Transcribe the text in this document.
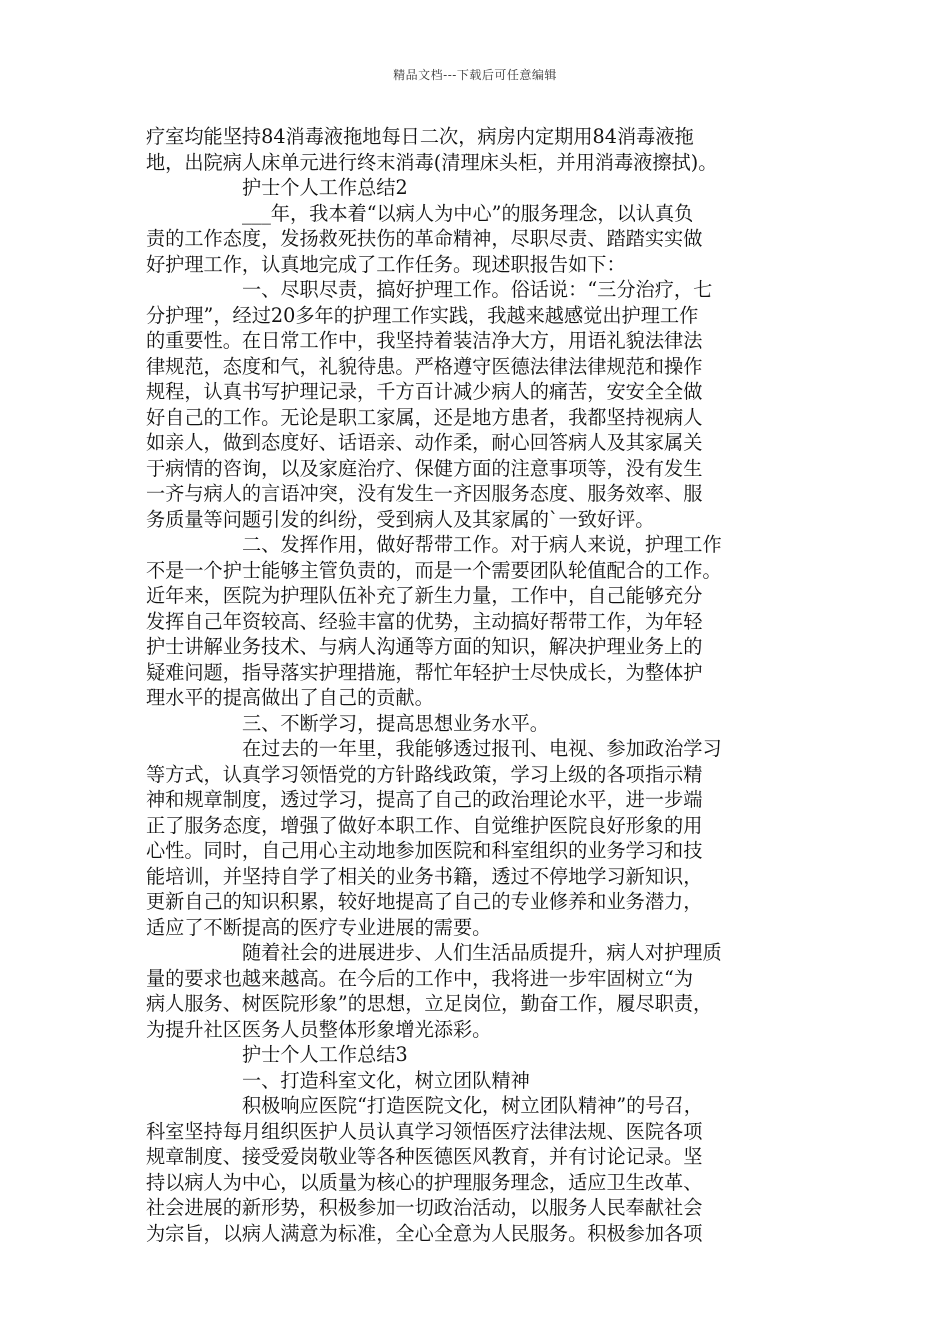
精品文档---下载后可任意编辑
疗室均能坚持84消毒液拖地每日二次，病房内定期用84消毒液拖
地，出院病人床单元进行终末消毒(清理床头柜，并用消毒液擦拭)。
护士个人工作总结2
___年，我本着“以病人为中心”的服务理念，以认真负
责的工作态度，发扬救死扶伤的革命精神，尽职尽责、踏踏实实做
好护理工作，认真地完成了工作任务。现述职报告如下：
一、尽职尽责，搞好护理工作。俗话说：“三分治疗，七
分护理”，经过20多年的护理工作实践，我越来越感觉出护理工作
的重要性。在日常工作中，我坚持着装洁净大方，用语礼貌法律法
律规范，态度和气，礼貌待患。严格遵守医德法律法律规范和操作
规程，认真书写护理记录，千方百计减少病人的痛苦，安安全全做
好自己的工作。无论是职工家属，还是地方患者，我都坚持视病人
如亲人，做到态度好、话语亲、动作柔，耐心回答病人及其家属关
于病情的咨询，以及家庭治疗、保健方面的注意事项等，没有发生
一齐与病人的言语冲突，没有发生一齐因服务态度、服务效率、服
务质量等问题引发的纠纷，受到病人及其家属的`一致好评。
二、发挥作用，做好帮带工作。对于病人来说，护理工作
不是一个护士能够主管负责的，而是一个需要团队轮值配合的工作。
近年来，医院为护理队伍补充了新生力量，工作中，自己能够充分
发挥自己年资较高、经验丰富的优势，主动搞好帮带工作，为年轻
护士讲解业务技术、与病人沟通等方面的知识，解决护理业务上的
疑难问题，指导落实护理措施，帮忙年轻护士尽快成长，为整体护
理水平的提高做出了自己的贡献。
三、不断学习，提高思想业务水平。
在过去的一年里，我能够透过报刊、电视、参加政治学习
等方式，认真学习领悟党的方针路线政策，学习上级的各项指示精
神和规章制度，透过学习，提高了自己的政治理论水平，进一步端
正了服务态度，增强了做好本职工作、自觉维护医院良好形象的用
心性。同时，自己用心主动地参加医院和科室组织的业务学习和技
能培训，并坚持自学了相关的业务书籍，透过不停地学习新知识，
更新自己的知识积累，较好地提高了自己的专业修养和业务潜力，
适应了不断提高的医疗专业进展的需要。
随着社会的进展进步、人们生活品质提升，病人对护理质
量的要求也越来越高。在今后的工作中，我将进一步牢固树立“为
病人服务、树医院形象”的思想，立足岗位，勤奋工作，履尽职责，
为提升社区医务人员整体形象增光添彩。
护士个人工作总结3
一、打造科室文化，树立团队精神
积极响应医院“打造医院文化，树立团队精神”的号召，
科室坚持每月组织医护人员认真学习领悟医疗法律法规、医院各项
规章制度、接受爱岗敬业等各种医德医风教育，并有讨论记录。坚
持以病人为中心，以质量为核心的护理服务理念，适应卫生改革、
社会进展的新形势，积极参加一切政治活动，以服务人民奉献社会
为宗旨，以病人满意为标准，全心全意为人民服务。积极参加各项
